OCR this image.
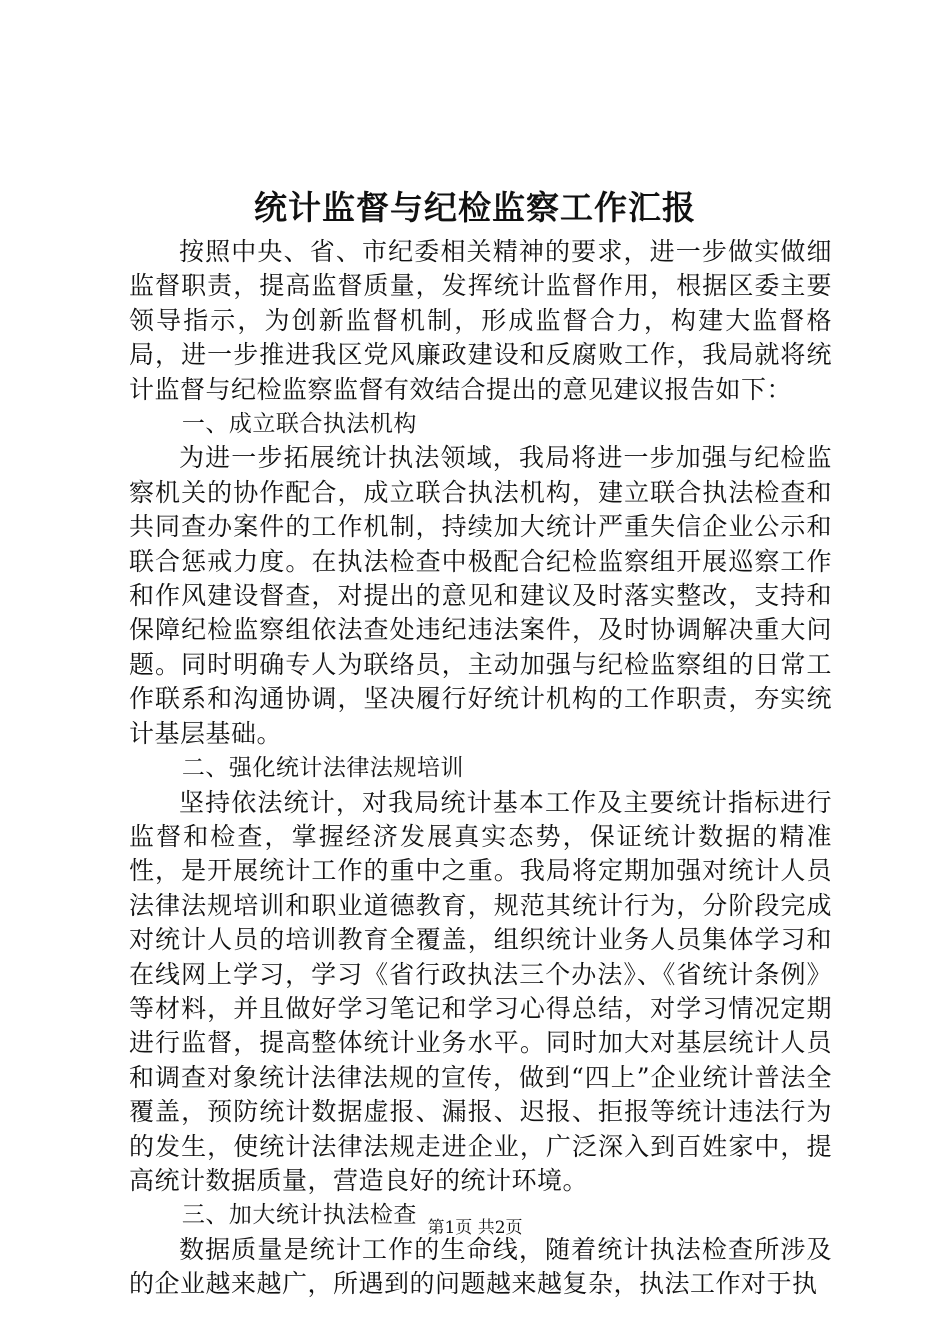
统计监督与纪检监察工作汇报

按照中央、省、市纪委相关精神的要求，进一步做实做细监督职责，提高监督质量，发挥统计监督作用，根据区委主要领导指示，为创新监督机制，形成监督合力，构建大监督格局，进一步推进我区党风廉政建设和反腐败工作，我局就将统计监督与纪检监察监督有效结合提出的意见建议报告如下：

一、成立联合执法机构

为进一步拓展统计执法领域，我局将进一步加强与纪检监察机关的协作配合，成立联合执法机构，建立联合执法检查和共同查办案件的工作机制，持续加大统计严重失信企业公示和联合惩戒力度。在执法检查中极配合纪检监察组开展巡察工作和作风建设督查，对提出的意见和建议及时落实整改，支持和保障纪检监察组依法查处违纪违法案件，及时协调解决重大问题。同时明确专人为联络员，主动加强与纪检监察组的日常工作联系和沟通协调，坚决履行好统计机构的工作职责，夯实统计基层基础。

二、强化统计法律法规培训

坚持依法统计，对我局统计基本工作及主要统计指标进行监督和检查，掌握经济发展真实态势，保证统计数据的精准性，是开展统计工作的重中之重。我局将定期加强对统计人员法律法规培训和职业道德教育，规范其统计行为，分阶段完成对统计人员的培训教育全覆盖，组织统计业务人员集体学习和在线网上学习，学习《省行政执法三个办法》、《省统计条例》等材料，并且做好学习笔记和学习心得总结，对学习情况定期进行监督，提高整体统计业务水平。同时加大对基层统计人员和调查对象统计法律法规的宣传，做到“四上”企业统计普法全覆盖，预防统计数据虚报、漏报、迟报、拒报等统计违法行为的发生，使统计法律法规走进企业，广泛深入到百姓家中，提高统计数据质量，营造良好的统计环境。

三、加大统计执法检查

数据质量是统计工作的生命线，随着统计执法检查所涉及的企业越来越广，所遇到的问题越来越复杂，执法工作对于执

第1页 共2页
